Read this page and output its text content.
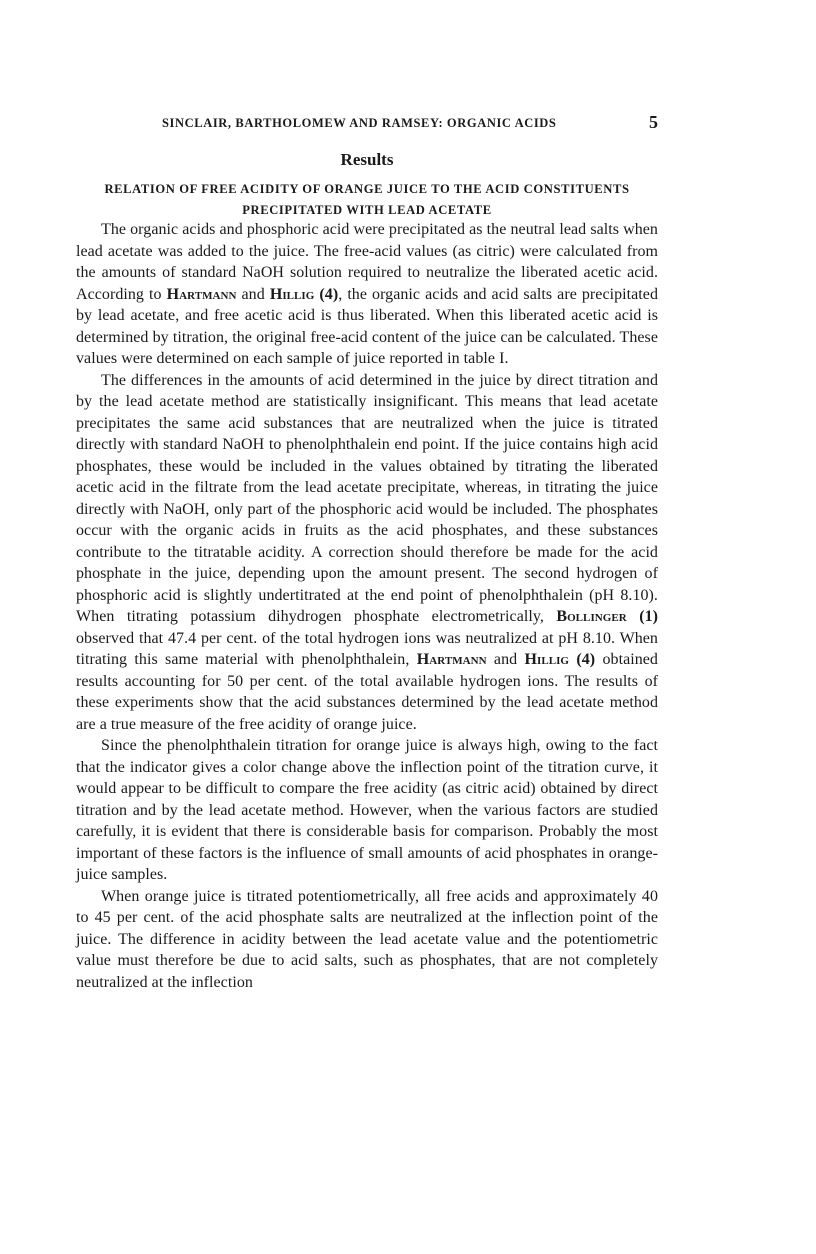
SINCLAIR, BARTHOLOMEW AND RAMSEY: ORGANIC ACIDS	5
Results
RELATION OF FREE ACIDITY OF ORANGE JUICE TO THE ACID CONSTITUENTS
PRECIPITATED WITH LEAD ACETATE

The organic acids and phosphoric acid were precipitated as the neutral lead salts when lead acetate was added to the juice. The free-acid values (as citric) were calculated from the amounts of standard NaOH solution required to neutralize the liberated acetic acid. According to Hartmann and Hillig (4), the organic acids and acid salts are precipitated by lead acetate, and free acetic acid is thus liberated. When this liberated acetic acid is determined by titration, the original free-acid content of the juice can be calculated. These values were determined on each sample of juice reported in table I.

The differences in the amounts of acid determined in the juice by direct titration and by the lead acetate method are statistically insignificant. This means that lead acetate precipitates the same acid substances that are neutralized when the juice is titrated directly with standard NaOH to phenolphthalein end point. If the juice contains high acid phosphates, these would be included in the values obtained by titrating the liberated acetic acid in the filtrate from the lead acetate precipitate, whereas, in titrating the juice directly with NaOH, only part of the phosphoric acid would be included. The phosphates occur with the organic acids in fruits as the acid phosphates, and these substances contribute to the titratable acidity. A correction should therefore be made for the acid phosphate in the juice, depending upon the amount present. The second hydrogen of phosphoric acid is slightly undertitrated at the end point of phenolphthalein (pH 8.10). When titrating potassium dihydrogen phosphate electrometrically, Bollinger (1) observed that 47.4 per cent. of the total hydrogen ions was neutralized at pH 8.10. When titrating this same material with phenolphthalein, Hartmann and Hillig (4) obtained results accounting for 50 per cent. of the total available hydrogen ions. The results of these experiments show that the acid substances determined by the lead acetate method are a true measure of the free acidity of orange juice.

Since the phenolphthalein titration for orange juice is always high, owing to the fact that the indicator gives a color change above the inflection point of the titration curve, it would appear to be difficult to compare the free acidity (as citric acid) obtained by direct titration and by the lead acetate method. However, when the various factors are studied carefully, it is evident that there is considerable basis for comparison. Probably the most important of these factors is the influence of small amounts of acid phosphates in orange-juice samples.

When orange juice is titrated potentiometrically, all free acids and approximately 40 to 45 per cent. of the acid phosphate salts are neutralized at the inflection point of the juice. The difference in acidity between the lead acetate value and the potentiometric value must therefore be due to acid salts, such as phosphates, that are not completely neutralized at the inflection
